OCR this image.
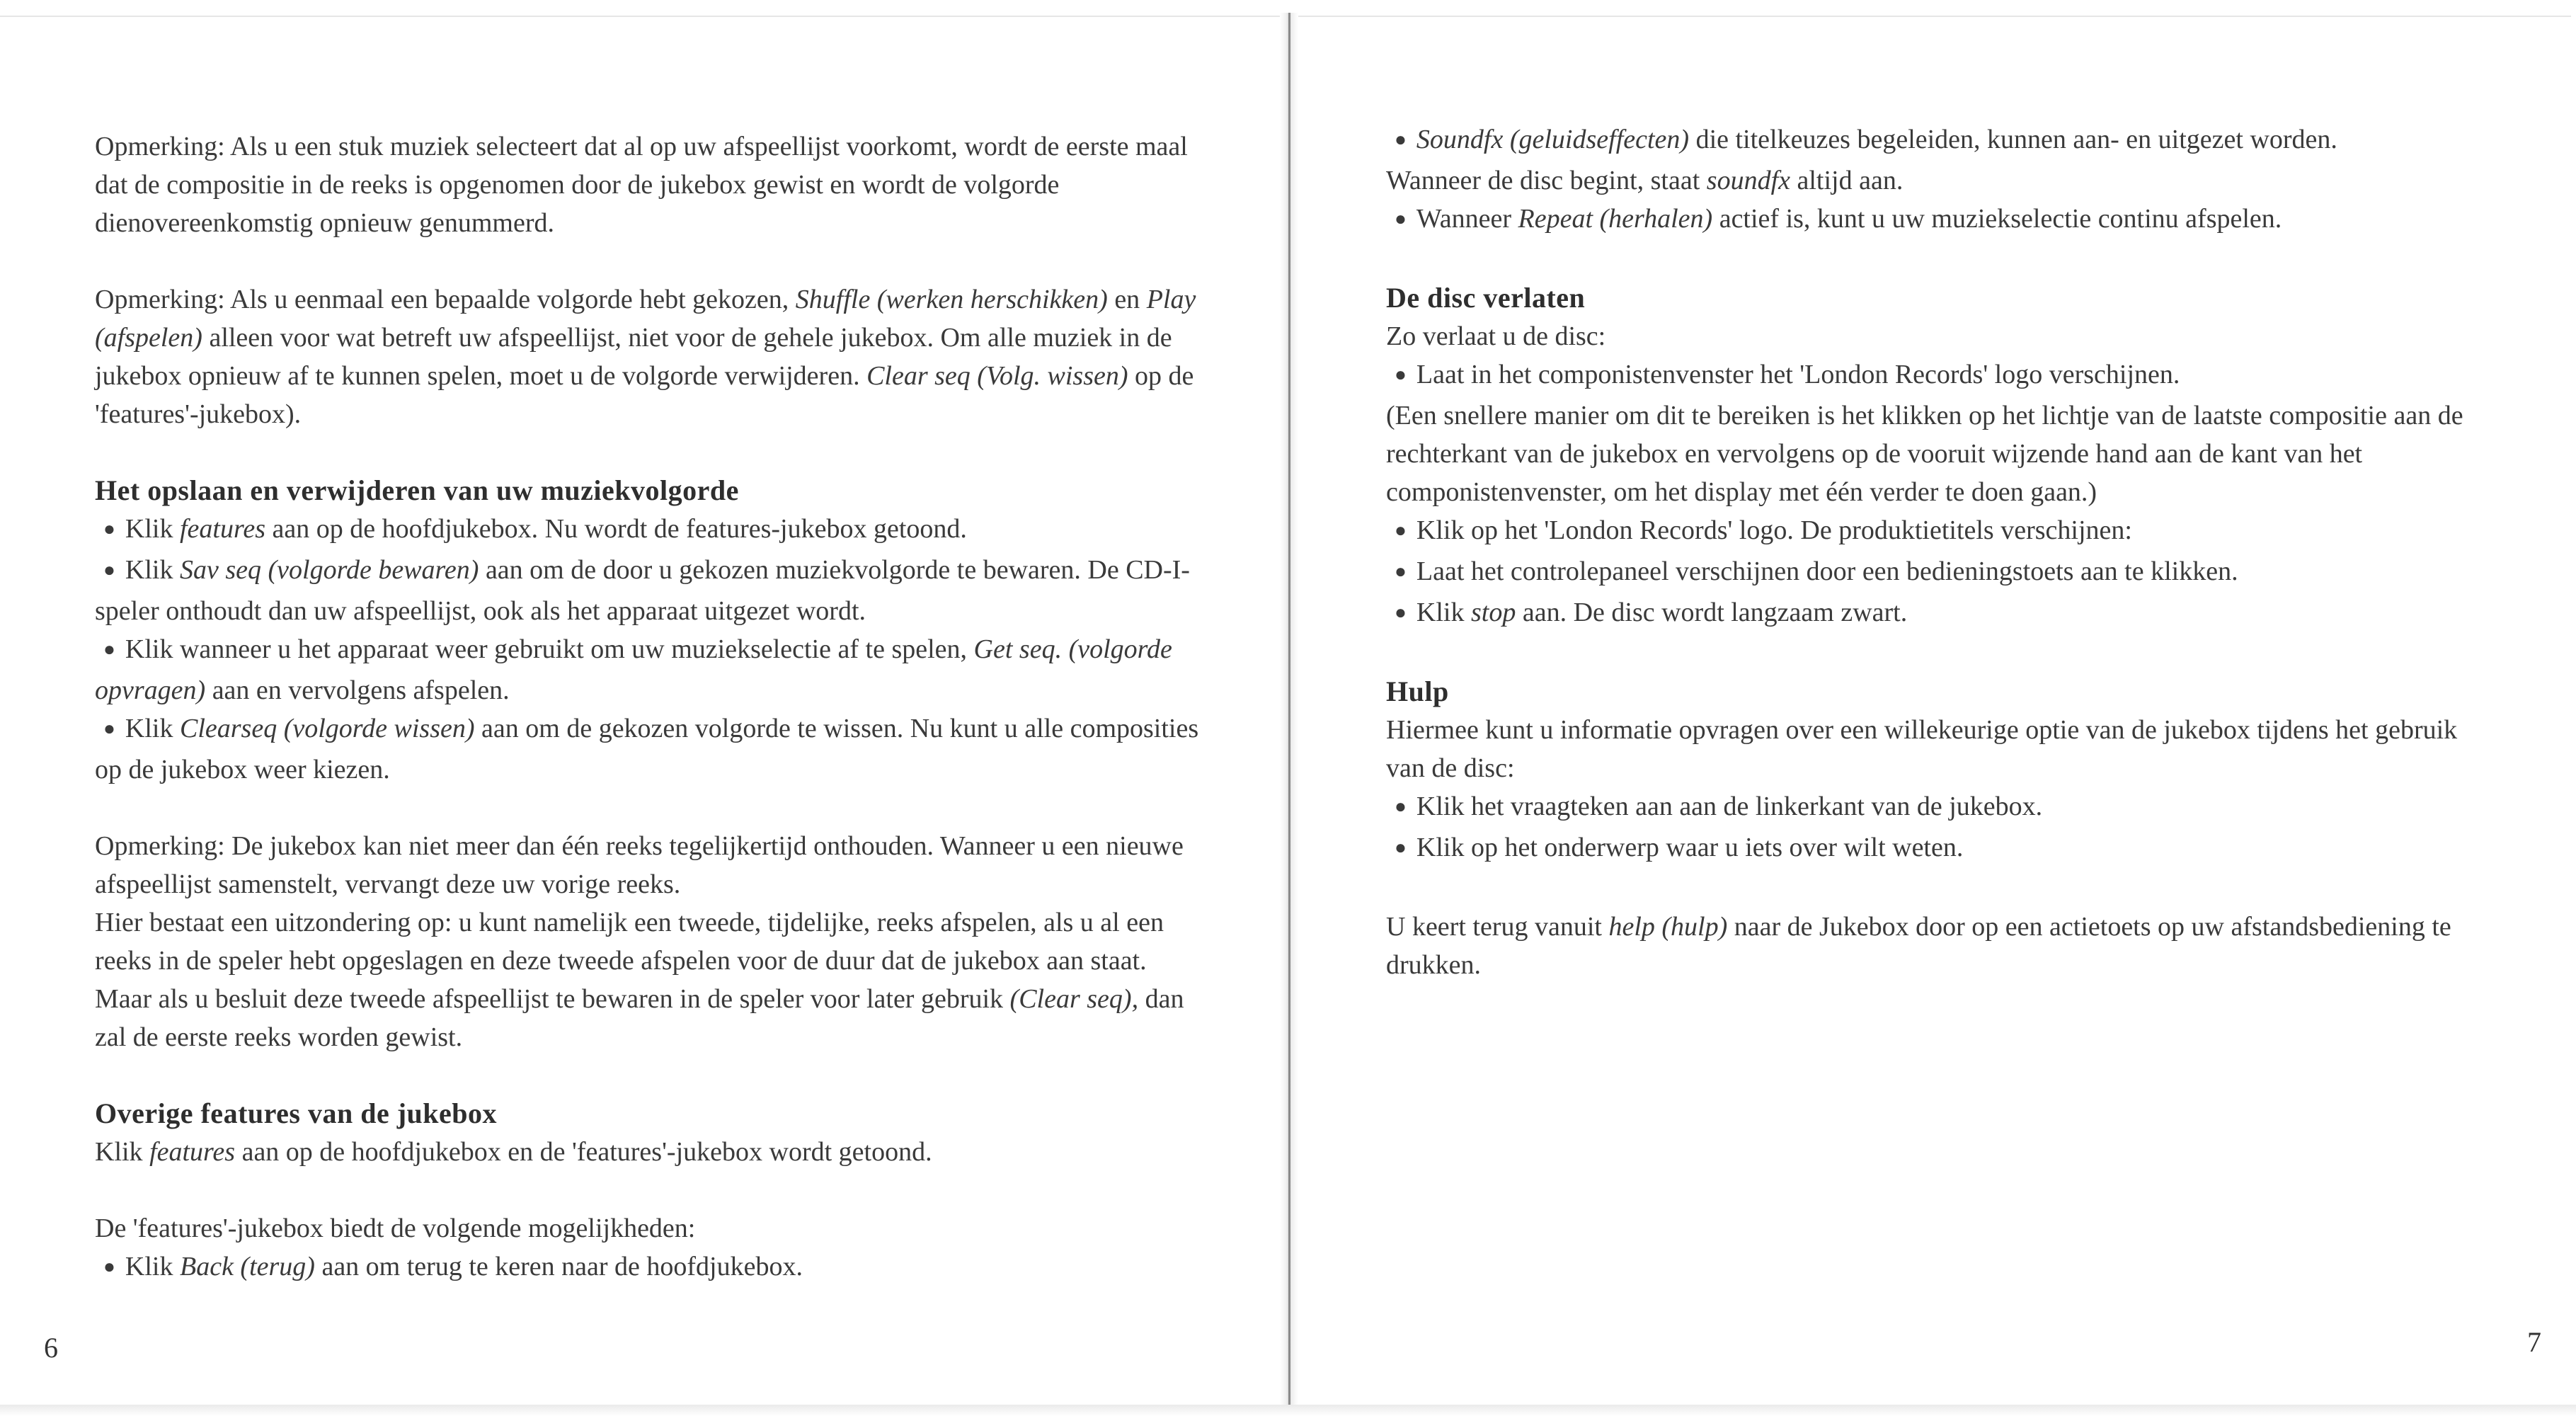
Opmerking: Als u een stuk muziek selecteert dat al op uw afspeellijst voorkomt, wordt de eerste maal dat de compositie in de reeks is opgenomen door de jukebox gewist en wordt de volgorde dienovereenkomstig opnieuw genummerd.

Opmerking: Als u eenmaal een bepaalde volgorde hebt gekozen, Shuffle (werken herschikken) en Play (afspelen) alleen voor wat betreft uw afspeellijst, niet voor de gehele jukebox. Om alle muziek in de jukebox opnieuw af te kunnen spelen, moet u de volgorde verwijderen. Clear seq (Volg. wissen) op de 'features'-jukebox).

Het opslaan en verwijderen van uw muziekvolgorde

● Klik features aan op de hoofdjukebox. Nu wordt de features-jukebox getoond.

● Klik Sav seq (volgorde bewaren) aan om de door u gekozen muziekvolgorde te bewaren. De CD-I-speler onthoudt dan uw afspeellijst, ook als het apparaat uitgezet wordt.

● Klik wanneer u het apparaat weer gebruikt om uw muziekselectie af te spelen, Get seq. (volgorde opvragen) aan en vervolgens afspelen.

● Klik Clearseq (volgorde wissen) aan om de gekozen volgorde te wissen. Nu kunt u alle composities op de jukebox weer kiezen.

Opmerking: De jukebox kan niet meer dan één reeks tegelijkertijd onthouden. Wanneer u een nieuwe afspeellijst samenstelt, vervangt deze uw vorige reeks.

Hier bestaat een uitzondering op: u kunt namelijk een tweede, tijdelijke, reeks afspelen, als u al een reeks in de speler hebt opgeslagen en deze tweede afspelen voor de duur dat de jukebox aan staat. Maar als u besluit deze tweede afspeellijst te bewaren in de speler voor later gebruik (Clear seq), dan zal de eerste reeks worden gewist.

Overige features van de jukebox

Klik features aan op de hoofdjukebox en de 'features'-jukebox wordt getoond.

De 'features'-jukebox biedt de volgende mogelijkheden:

● Klik Back (terug) aan om terug te keren naar de hoofdjukebox.

6

● Soundfx (geluidseffecten) die titelkeuzes begeleiden, kunnen aan- en uitgezet worden.

Wanneer de disc begint, staat soundfx altijd aan.

● Wanneer Repeat (herhalen) actief is, kunt u uw muziekselectie continu afspelen.

De disc verlaten

Zo verlaat u de disc:

● Laat in het componistenvenster het 'London Records' logo verschijnen.

(Een snellere manier om dit te bereiken is het klikken op het lichtje van de laatste compositie aan de rechterkant van de jukebox en vervolgens op de vooruit wijzende hand aan de kant van het componistenvenster, om het display met één verder te doen gaan.)

● Klik op het 'London Records' logo. De produktietitels verschijnen:

● Laat het controlepaneel verschijnen door een bedieningstoets aan te klikken.

● Klik stop aan. De disc wordt langzaam zwart.

Hulp

Hiermee kunt u informatie opvragen over een willekeurige optie van de jukebox tijdens het gebruik van de disc:

● Klik het vraagteken aan aan de linkerkant van de jukebox.

● Klik op het onderwerp waar u iets over wilt weten.

U keert terug vanuit help (hulp) naar de Jukebox door op een actietoets op uw afstandsbediening te drukken.

7
